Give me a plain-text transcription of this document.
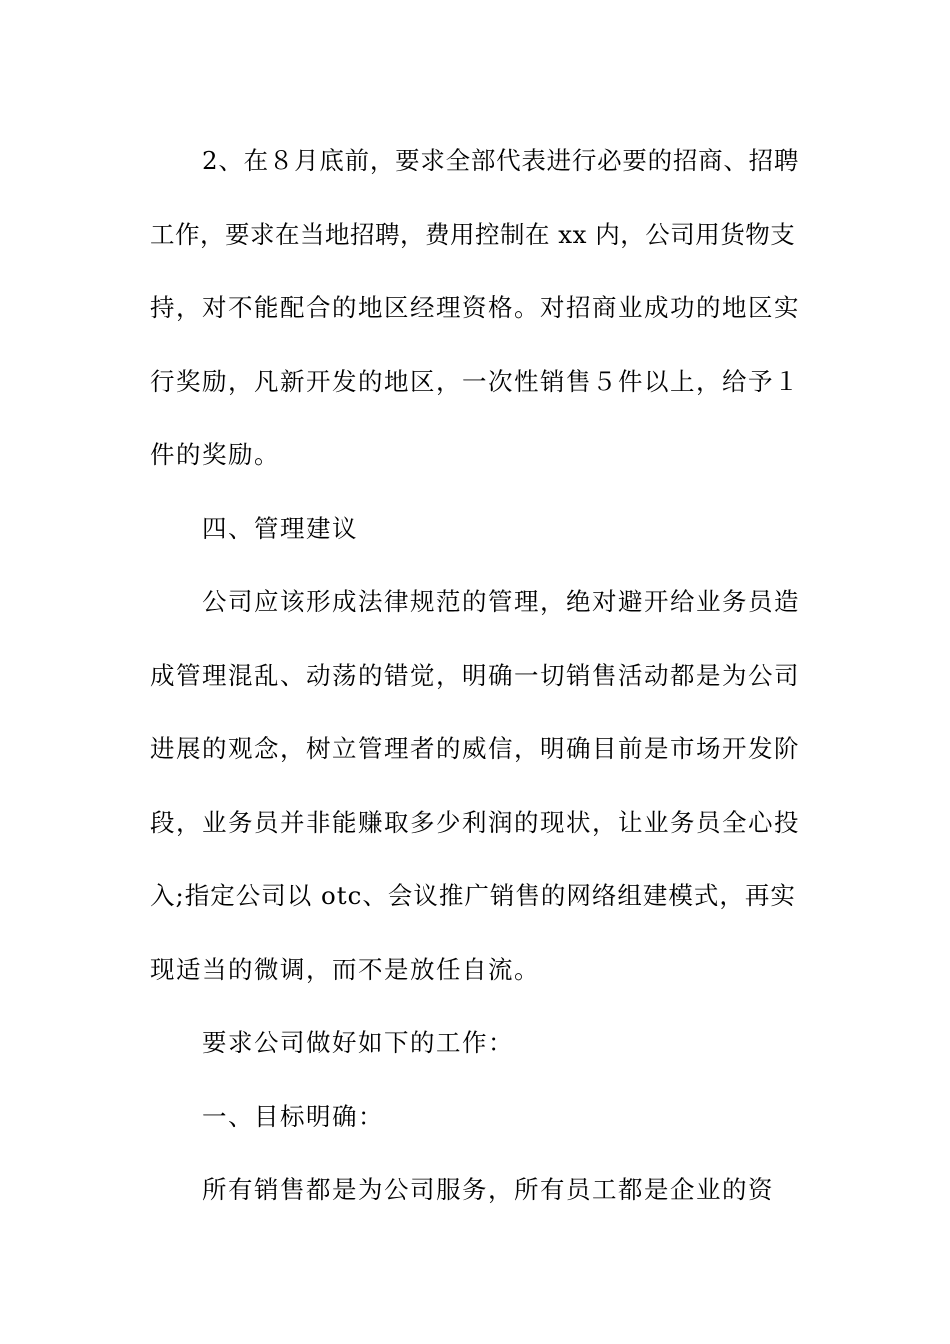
2、在８月底前，要求全部代表进行必要的招商、招聘
工作，要求在当地招聘，费用控制在 xx 内，公司用货物支
持，对不能配合的地区经理资格。对招商业成功的地区实
行奖励，凡新开发的地区，一次性销售５件以上，给予１
件的奖励。
四、管理建议
公司应该形成法律规范的管理，绝对避开给业务员造
成管理混乱、动荡的错觉，明确一切销售活动都是为公司
进展的观念，树立管理者的威信，明确目前是市场开发阶
段，业务员并非能赚取多少利润的现状，让业务员全心投
入;指定公司以 otc、会议推广销售的网络组建模式，再实
现适当的微调，而不是放任自流。
要求公司做好如下的工作：
一、目标明确：
所有销售都是为公司服务，所有员工都是企业的资
